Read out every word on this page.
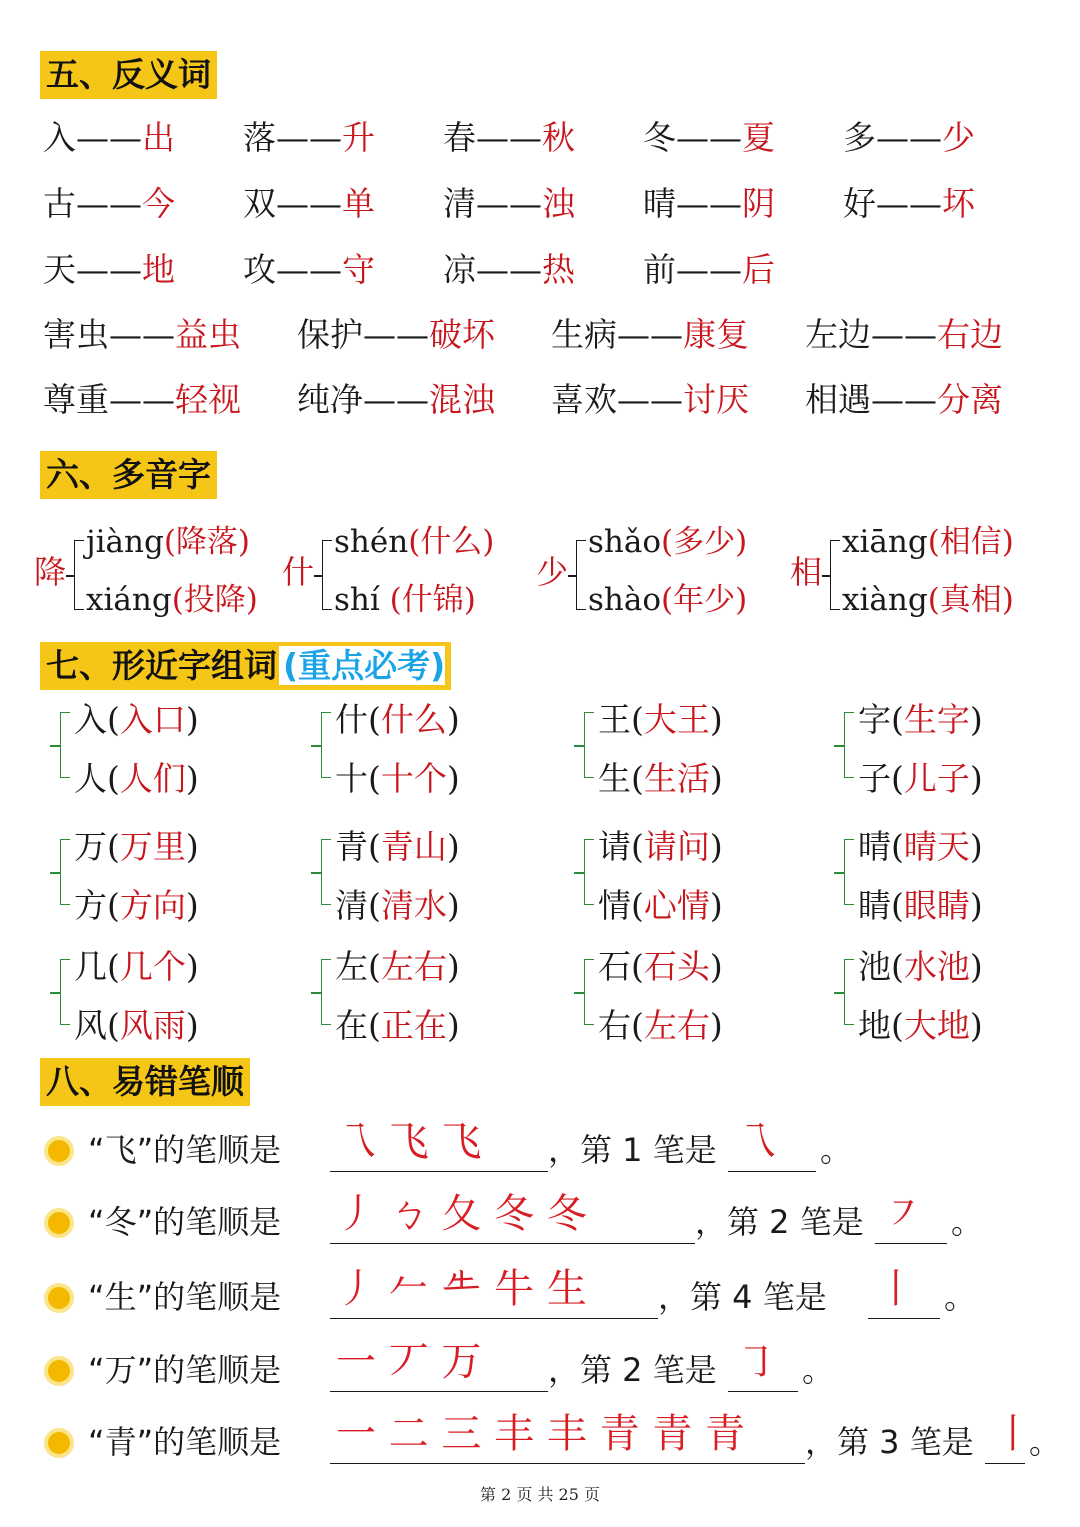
五、反义词
入——出 落——升 春——秋 冬——夏 多——少
古——今 双——单 清——浊 晴——阴 好——坏
天——地 攻——守 凉——热 前——后
害虫——益虫 保护——破坏 生病——康复 左边——右边
尊重——轻视 纯净——混浊 喜欢——讨厌 相遇——分离
六、多音字
降
jiàng(降落)
xiáng(投降)
什
shén(什么)
shí (什锦)
少
shǎo(多少)
shào(年少)
相
xiāng(相信)
xiàng(真相)
七、形近字组词 (重点必考)
入(入口)
人(人们)
什(什么)
十(十个)
王(大王)
生(生活)
字(生字)
子(儿子)
万(万里)
方(方向)
青(青山)
清(清水)
请(请问)
情(心情)
晴(晴天)
睛(眼睛)
几(几个)
风(风雨)
左(左右)
在(正在)
石(石头)
右(左右)
池(水池)
地(大地)
八、易错笔顺
“飞”的笔顺是 乁 飞 飞 ，第 1 笔是 乁 。
“冬”的笔顺是 丿 ㄅ 夂 冬 冬	，第 2 笔是 ㇇ 。
“生”的笔顺是 丿 𠂉 𠂒 牛 生 ，第 4 笔是 丨 。
“万”的笔顺是 一 丆 万 ，第 2 笔是 ㇆ 。
“青”的笔顺是 一 二 三 丰 丰 青 青 青 ，第 3 笔是 丨
。
第 2 页 共 25 页
